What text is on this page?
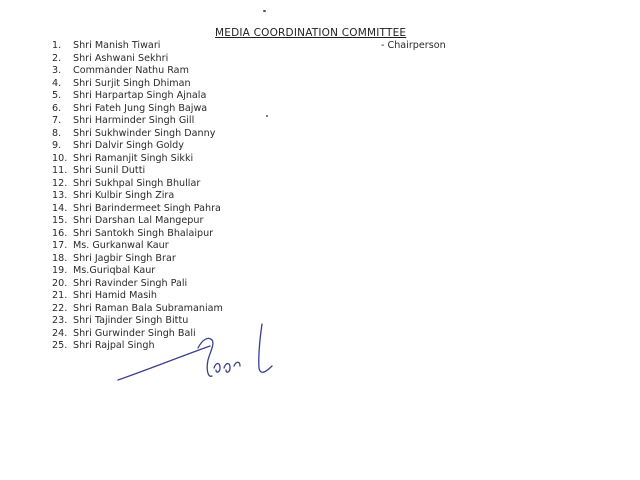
MEDIA COORDINATION COMMITTEE
1.	Shri Manish Tiwari	- Chairperson
2.	Shri Ashwani Sekhri
3.	Commander Nathu Ram
4.	Shri Surjit Singh Dhiman
5.	Shri Harpartap Singh Ajnala
6.	Shri Fateh Jung Singh Bajwa
7.	Shri Harminder Singh Gill
8.	Shri Sukhwinder Singh Danny
9.	Shri Dalvir Singh Goldy
10. Shri Ramanjit Singh Sikki
11. Shri Sunil Dutti
12. Shri Sukhpal Singh Bhullar
13. Shri Kulbir Singh Zira
14. Shri Barindermeet Singh Pahra
15. Shri Darshan Lal Mangepur
16. Shri Santokh Singh Bhalaipur
17. Ms. Gurkanwal Kaur
18. Shri Jagbir Singh Brar
19. Ms.Guriqbal Kaur
20. Shri Ravinder Singh Pali
21. Shri Hamid Masih
22. Shri Raman Bala Subramaniam
23. Shri Tajinder Singh Bittu
24. Shri Gurwinder Singh Bali
25. Shri Rajpal Singh
